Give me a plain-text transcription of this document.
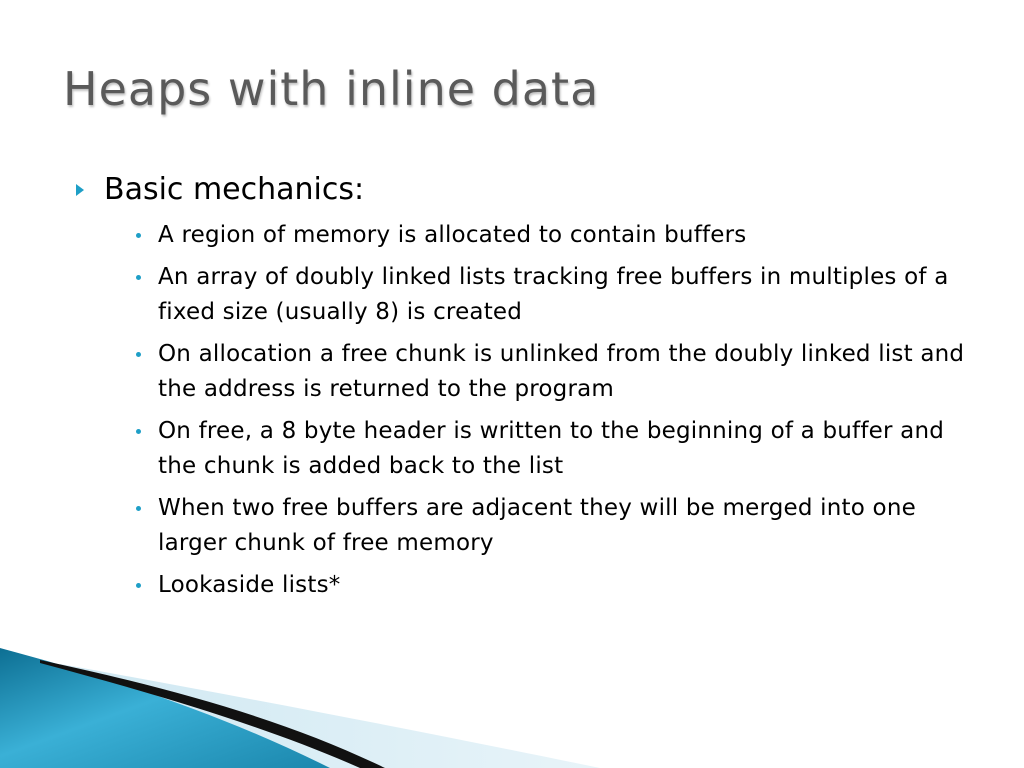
Heaps with inline data
Basic mechanics:
A region of memory is allocated to contain buffers
An array of doubly linked lists tracking free buffers in multiples of a fixed size (usually 8) is created
On allocation a free chunk is unlinked from the doubly linked list and the address is returned to the program
On free, a 8 byte header is written to the beginning of a buffer and the chunk is added back to the list
When two free buffers are adjacent they will be merged into one larger chunk of free memory
Lookaside lists*
